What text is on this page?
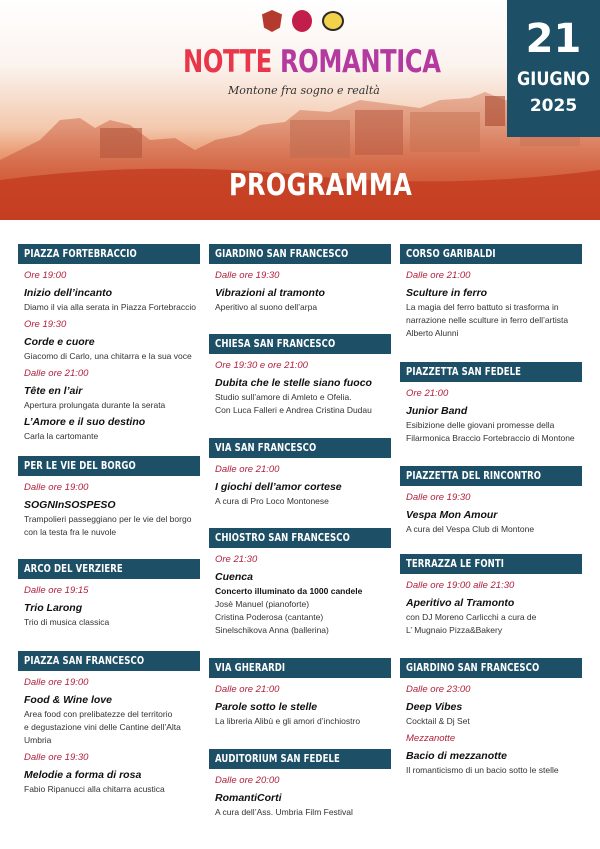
NOTTE ROMANTICA
Montone fra sogno e realtà
21
GIUGNO
2025
PROGRAMMA
PIAZZA FORTEBRACCIO
Ore 19:00
Inizio dell’incanto
Diamo il via alla serata in Piazza Fortebraccio
Ore 19:30
Corde e cuore
Giacomo di Carlo, una chitarra e la sua voce
Dalle ore 21:00
Tête en l’air
Apertura prolungata durante la serata
L’Amore e il suo destino
Carla la cartomante
PER LE VIE DEL BORGO
Dalle ore 19:00
SOGNInSOSPESO
Trampolieri passeggiano per le vie del borgo
con la testa fra le nuvole
ARCO DEL VERZIERE
Dalle ore 19:15
Trio Larong
Trio di musica classica
PIAZZA SAN FRANCESCO
Dalle ore 19:00
Food & Wine love
Area food con prelibatezze del territorio
e degustazione vini delle Cantine dell’Alta
Umbria
Dalle ore 19:30
Melodie a forma di rosa
Fabio Ripanucci alla chitarra acustica
GIARDINO SAN FRANCESCO
Dalle ore 19:30
Vibrazioni al tramonto
Aperitivo al suono dell’arpa
CHIESA SAN FRANCESCO
Ore 19:30 e ore 21:00
Dubita che le stelle siano fuoco
Studio sull’amore di Amleto e Ofelia.
Con Luca Falleri e Andrea Cristina Dudau
VIA SAN FRANCESCO
Dalle ore 21:00
I giochi dell’amor cortese
A cura di Pro Loco Montonese
CHIOSTRO SAN FRANCESCO
Ore 21:30
Cuenca
Concerto illuminato da 1000 candele
Josè Manuel (pianoforte)
Cristina Poderosa (cantante)
Sinelschikova Anna (ballerina)
VIA GHERARDI
Dalle ore 21:00
Parole sotto le stelle
La libreria Alibù e gli amori d’inchiostro
AUDITORIUM SAN FEDELE
Dalle ore 20:00
RomantiCorti
A cura dell’Ass. Umbria Film Festival
CORSO GARIBALDI
Dalle ore 21:00
Sculture in ferro
La magia del ferro battuto si trasforma in
narrazione nelle sculture in ferro dell’artista
Alberto Alunni
PIAZZETTA SAN FEDELE
Ore 21:00
Junior Band
Esibizione delle giovani promesse della
Filarmonica Braccio Fortebraccio di Montone
PIAZZETTA DEL RINCONTRO
Dalle ore 19:30
Vespa Mon Amour
A cura del Vespa Club di Montone
TERRAZZA LE FONTI
Dalle ore 19:00 alle 21:30
Aperitivo al Tramonto
con DJ Moreno Carlicchi a cura de
L’ Mugnaio Pizza&Bakery
GIARDINO SAN FRANCESCO
Dalle ore 23:00
Deep Vibes
Cocktail & Dj Set
Mezzanotte
Bacio di mezzanotte
Il romanticismo di un bacio sotto le stelle
